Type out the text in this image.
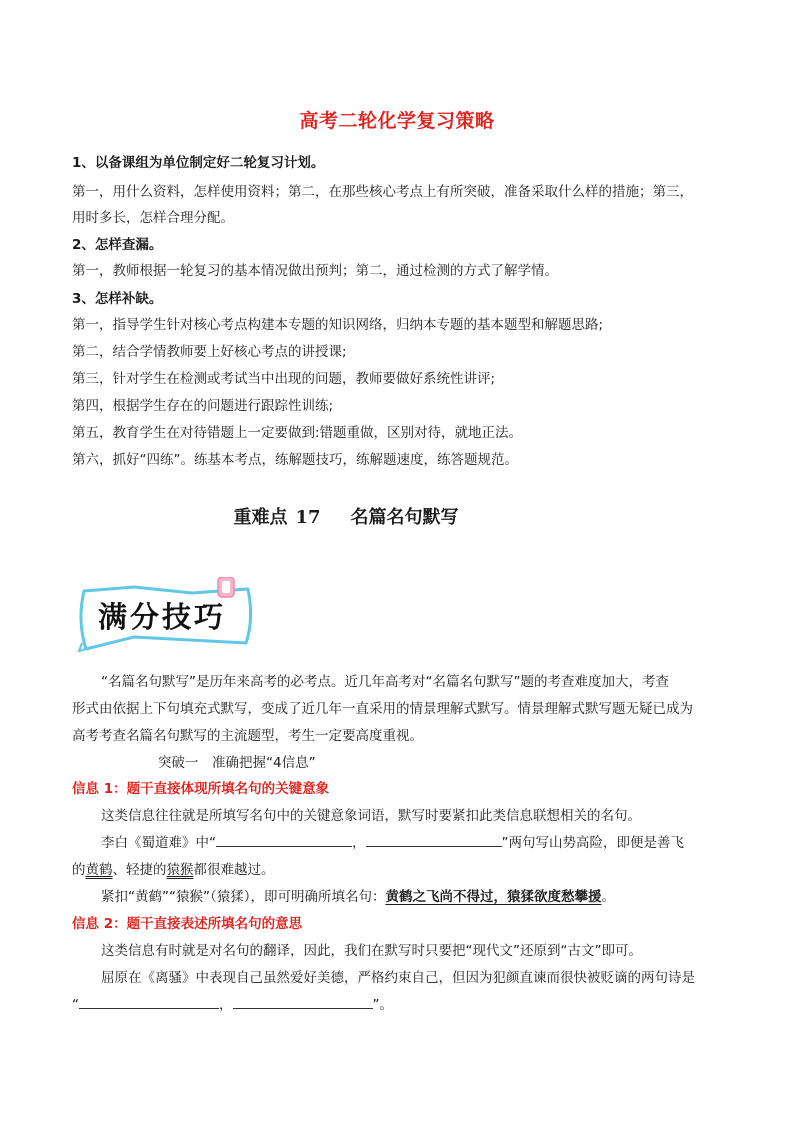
高考二轮化学复习策略
1、以备课组为单位制定好二轮复习计划。
第一，用什么资料，怎样使用资料；第二，在那些核心考点上有所突破，准备采取什么样的措施；第三，
用时多长，怎样合理分配。
2、怎样查漏。
第一，教师根据一轮复习的基本情况做出预判；第二，通过检测的方式了解学情。
3、怎样补缺。
第一，指导学生针对核心考点构建本专题的知识网络，归纳本专题的基本题型和解题思路;
第二，结合学情教师要上好核心考点的讲授课;
第三，针对学生在检测或考试当中出现的问题，教师要做好系统性讲评;
第四，根据学生存在的问题进行跟踪性训练;
第五，教育学生在对待错题上一定要做到:错题重做，区别对待，就地正法。
第六，抓好“四练”。练基本考点，练解题技巧，练解题速度，练答题规范。
重难点 17 名篇名句默写
满分技巧
“名篇名句默写”是历年来高考的必考点。近几年高考对“名篇名句默写”题的考查难度加大，考查
形式由依据上下句填充式默写，变成了近几年一直采用的情景理解式默写。情景理解式默写题无疑已成为
高考考查名篇名句默写的主流题型，考生一定要高度重视。
突破一　准确把握“4信息”
信息 1：题干直接体现所填名句的关键意象
这类信息往往就是所填写名句中的关键意象词语，默写时要紧扣此类信息联想相关的名句。
李白《蜀道难》中“	，	”两句写山势高险，即便是善飞
的黄鹤、轻捷的猿猴都很难越过。
紧扣“黄鹤”“猿猴”（猿猱），即可明确所填名句：黄鹤之飞尚不得过，猿猱欲度愁攀援。
信息 2：题干直接表述所填名句的意思
这类信息有时就是对名句的翻译，因此，我们在默写时只要把“现代文”还原到“古文”即可。
屈原在《离骚》中表现自己虽然爱好美德，严格约束自己，但因为犯颜直谏而很快被贬谪的两句诗是
“	，	”。
